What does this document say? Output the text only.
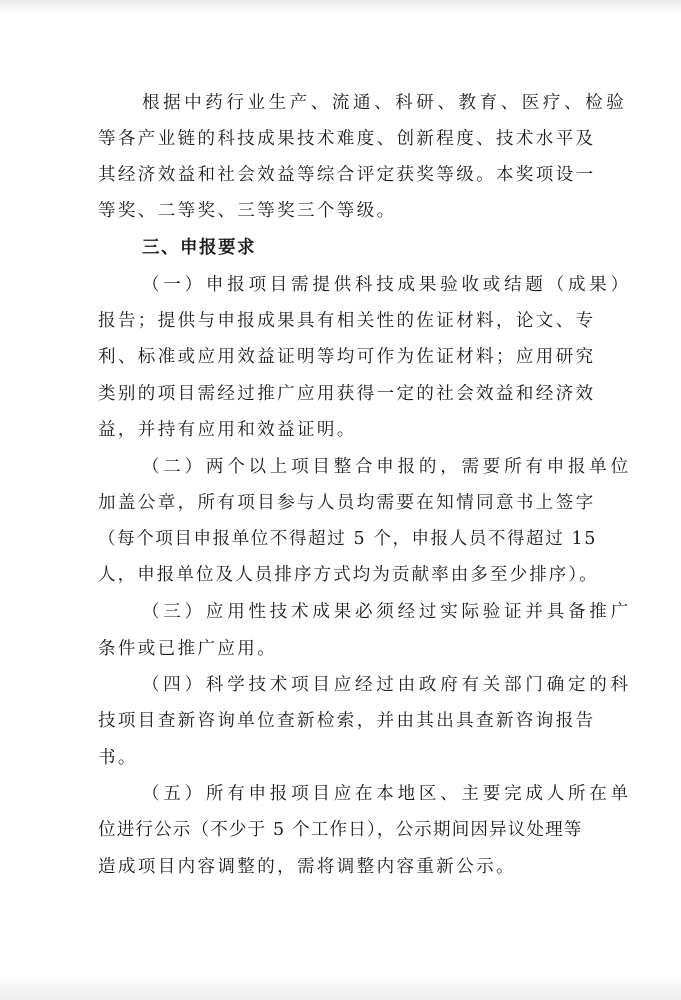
根据中药行业生产、流通、科研、教育、医疗、检验

等各产业链的科技成果技术难度、创新程度、技术水平及

其经济效益和社会效益等综合评定获奖等级。本奖项设一

等奖、二等奖、三等奖三个等级。

三、申报要求

（一）申报项目需提供科技成果验收或结题（成果）

报告；提供与申报成果具有相关性的佐证材料，论文、专

利、标准或应用效益证明等均可作为佐证材料；应用研究

类别的项目需经过推广应用获得一定的社会效益和经济效

益，并持有应用和效益证明。

（二）两个以上项目整合申报的，需要所有申报单位

加盖公章，所有项目参与人员均需要在知情同意书上签字

（每个项目申报单位不得超过 5 个，申报人员不得超过 15

人，申报单位及人员排序方式均为贡献率由多至少排序）。

（三）应用性技术成果必须经过实际验证并具备推广

条件或已推广应用。

（四）科学技术项目应经过由政府有关部门确定的科

技项目查新咨询单位查新检索，并由其出具查新咨询报告

书。

（五）所有申报项目应在本地区、主要完成人所在单

位进行公示（不少于 5 个工作日），公示期间因异议处理等

造成项目内容调整的，需将调整内容重新公示。
